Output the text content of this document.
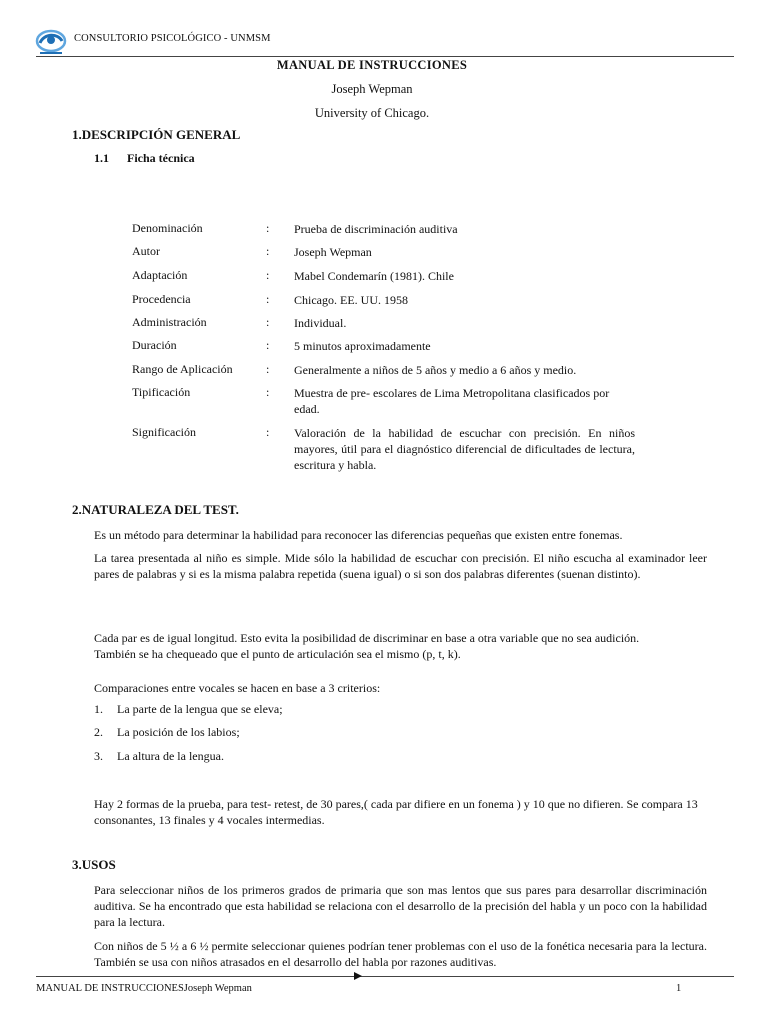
CONSULTORIO PSICOLÓGICO - UNMSM
MANUAL DE INSTRUCCIONES
Joseph Wepman
University of Chicago.
1.DESCRIPCIÓN GENERAL
1.1 Ficha técnica
Denominación	: Prueba de discriminación auditiva
Autor	: Joseph Wepman
Adaptación	: Mabel Condemarín (1981). Chile
Procedencia	: Chicago. EE. UU. 1958
Administración	: Individual.
Duración	: 5 minutos aproximadamente
Rango de Aplicación	: Generalmente a niños de 5 años y medio a 6 años y medio.
Tipificación	: Muestra de pre- escolares de Lima Metropolitana clasificados por edad.
Significación	: Valoración de la habilidad de escuchar con precisión. En niños mayores, útil para el diagnóstico diferencial de dificultades de lectura, escritura y habla.
2.NATURALEZA DEL TEST.
Es un método para determinar la habilidad para reconocer las diferencias pequeñas que existen entre fonemas.
La tarea presentada al niño es simple. Mide sólo la habilidad de escuchar con precisión. El niño escucha al examinador leer pares de palabras y si es la misma palabra repetida (suena igual) o si son dos palabras diferentes (suenan distinto).
Cada par es de igual longitud. Esto evita la posibilidad de discriminar en base a otra variable que no sea audición. También se ha chequeado que el punto de articulación sea el mismo (p, t, k).
Comparaciones entre vocales se hacen en base a 3 criterios:
1. La parte de la lengua que se eleva;
2. La posición de los labios;
3. La altura de la lengua.
Hay 2 formas de la prueba, para test- retest, de 30 pares,( cada par difiere en un fonema ) y 10 que no difieren. Se compara 13 consonantes, 13 finales y 4 vocales intermedias.
3.USOS
Para seleccionar niños de los primeros grados de primaria que son mas lentos que sus pares para desarrollar discriminación auditiva. Se ha encontrado que esta habilidad se relaciona con el desarrollo de la precisión del habla y un poco con la habilidad para la lectura.
Con niños de 5 ½ a 6 ½ permite seleccionar quienes podrían tener problemas con el uso de la fonética necesaria para la lectura. También se usa con niños atrasados en el desarrollo del habla por razones auditivas.
MANUAL DE INSTRUCCIONESJoseph Wepman	1
